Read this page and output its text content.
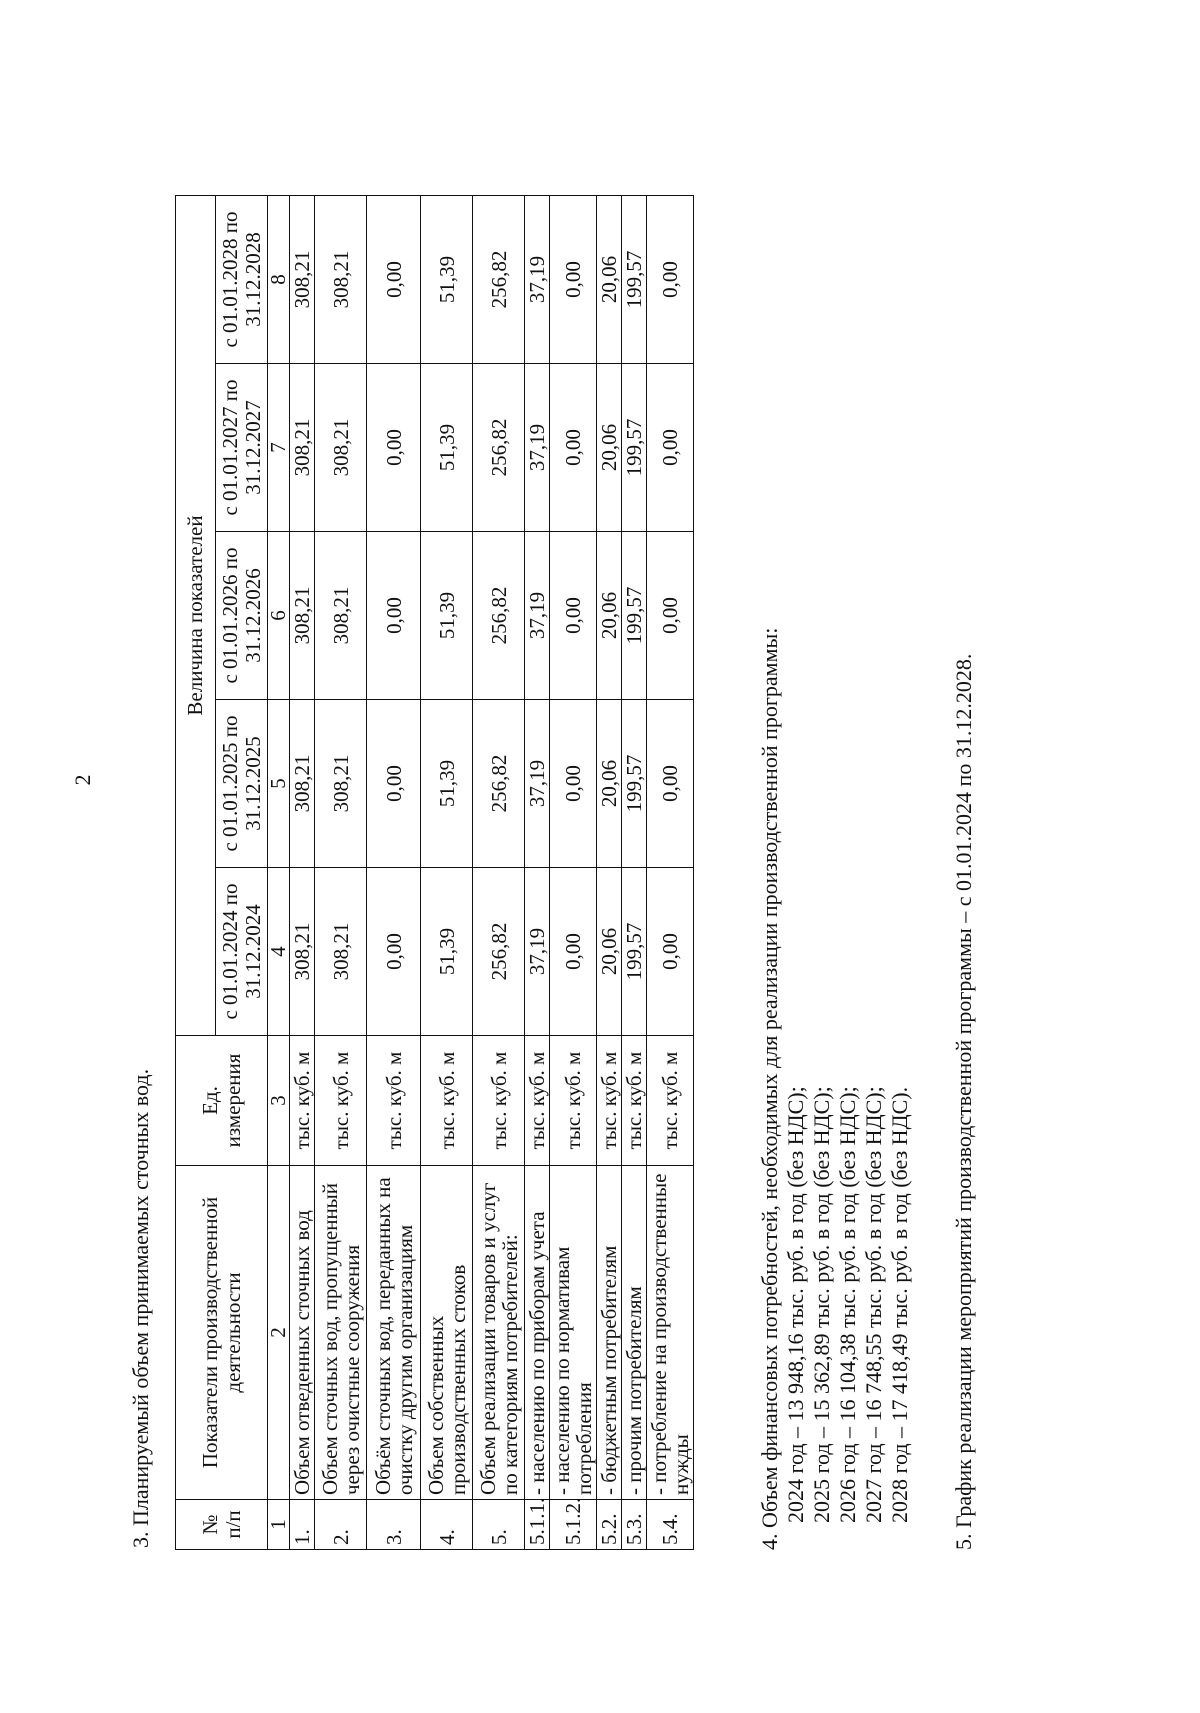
2
3. Планируемый объем принимаемых сточных вод. № п/п	Показатели производственной деятельности	Ед. измерения	Величина показателей				
			с 01.01.2024 по 31.12.2024	с 01.01.2025 по 31.12.2025	с 01.01.2026 по 31.12.2026	с 01.01.2027 по 31.12.2027	с 01.01.2028 по 31.12.2028
1	2	3	4	5	6	7	8
1.	Объем отведенных сточных вод	тыс. куб. м	308,21	308,21	308,21	308,21	308,21
2.	Объем сточных вод, пропущенный через очистные сооружения	тыс. куб. м	308,21	308,21	308,21	308,21	308,21
3.	Объём сточных вод, переданных на очистку другим организациям	тыс. куб. м	0,00	0,00	0,00	0,00	0,00
4.	Объем собственных производственных стоков	тыс. куб. м	51,39	51,39	51,39	51,39	51,39
5.	Объем реализации товаров и услуг по категориям потребителей:	тыс. куб. м	256,82	256,82	256,82	256,82	256,82
5.1.1.	- населению по приборам учета	тыс. куб. м	37,19	37,19	37,19	37,19	37,19
5.1.2.	- населению по нормативам потребления	тыс. куб. м	0,00	0,00	0,00	0,00	0,00
5.2.	- бюджетным потребителям	тыс. куб. м	20,06	20,06	20,06	20,06	20,06
5.3.	- прочим потребителям	тыс. куб. м	199,57	199,57	199,57	199,57	199,57
5.4.	- потребление на производственные нужды	тыс. куб. м	0,00	0,00	0,00	0,00	0,00
4. Объем финансовых потребностей, необходимых для реализации производственной программы: 2024 год – 13 948,16 тыс. руб. в год (без НДС); 2025 год – 15 362,89 тыс. руб. в год (без НДС); 2026 год – 16 104,38 тыс. руб. в год (без НДС); 2027 год – 16 748,55 тыс. руб. в год (без НДС); 2028 год – 17 418,49 тыс. руб. в год (без НДС). 5. График реализации мероприятий производственной программы – с 01.01.2024 по 31.12.2028.
